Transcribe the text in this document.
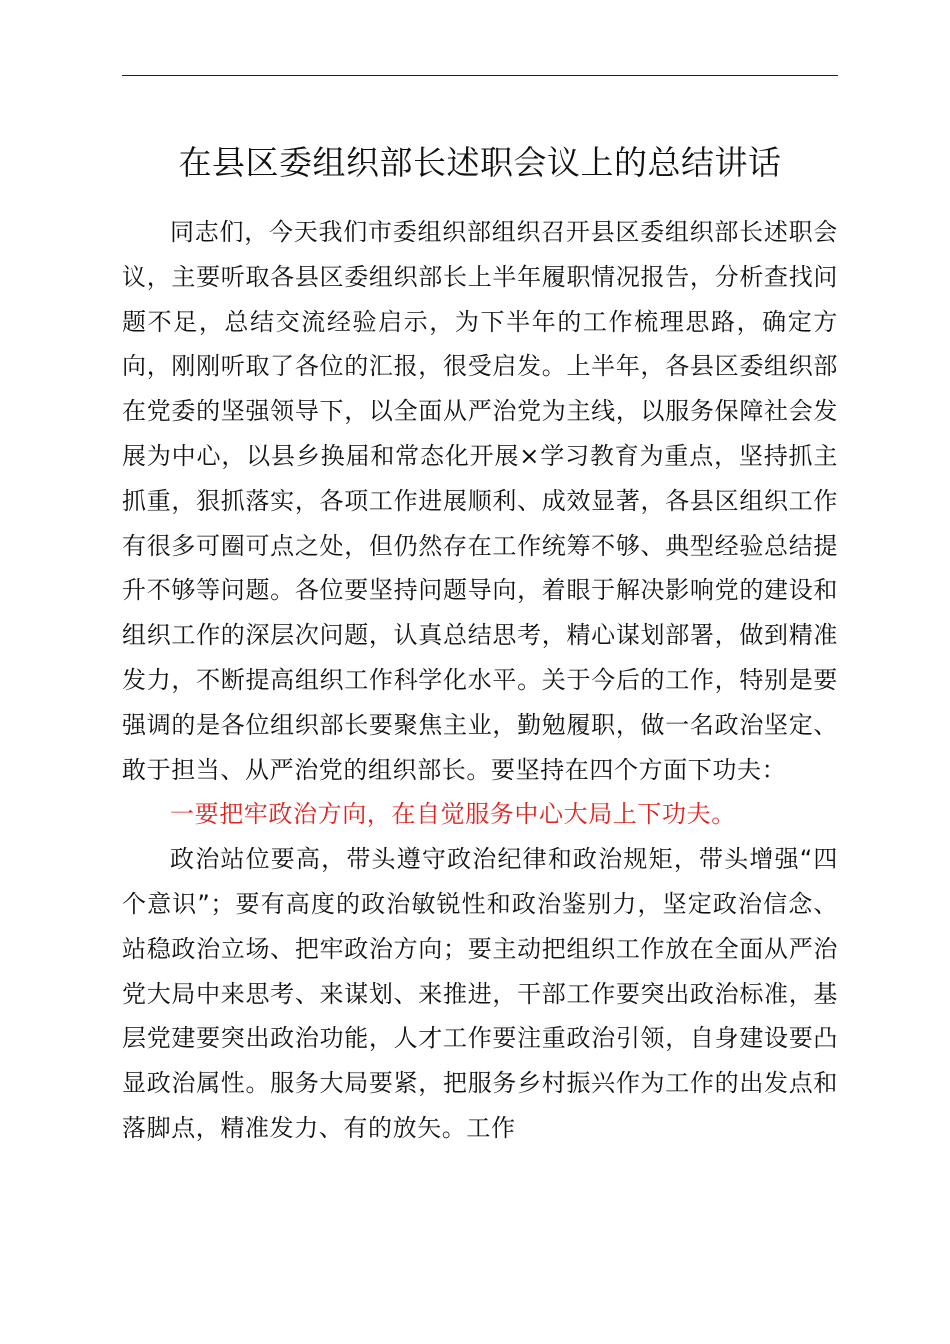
在县区委组织部长述职会议上的总结讲话

同志们，今天我们市委组织部组织召开县区委组织部长述职会议，主要听取各县区委组织部长上半年履职情况报告，分析查找问题不足，总结交流经验启示，为下半年的工作梳理思路，确定方向，刚刚听取了各位的汇报，很受启发。上半年，各县区委组织部在党委的坚强领导下，以全面从严治党为主线，以服务保障社会发展为中心，以县乡换届和常态化开展×学习教育为重点，坚持抓主抓重，狠抓落实，各项工作进展顺利、成效显著，各县区组织工作有很多可圈可点之处，但仍然存在工作统筹不够、典型经验总结提升不够等问题。各位要坚持问题导向，着眼于解决影响党的建设和组织工作的深层次问题，认真总结思考，精心谋划部署，做到精准发力，不断提高组织工作科学化水平。关于今后的工作，特别是要强调的是各位组织部长要聚焦主业，勤勉履职，做一名政治坚定、敢于担当、从严治党的组织部长。要坚持在四个方面下功夫：

一要把牢政治方向，在自觉服务中心大局上下功夫。

政治站位要高，带头遵守政治纪律和政治规矩，带头增强“四个意识”；要有高度的政治敏锐性和政治鉴别力，坚定政治信念、站稳政治立场、把牢政治方向；要主动把组织工作放在全面从严治党大局中来思考、来谋划、来推进，干部工作要突出政治标准，基层党建要突出政治功能，人才工作要注重政治引领，自身建设要凸显政治属性。服务大局要紧，把服务乡村振兴作为工作的出发点和落脚点，精准发力、有的放矢。工作
